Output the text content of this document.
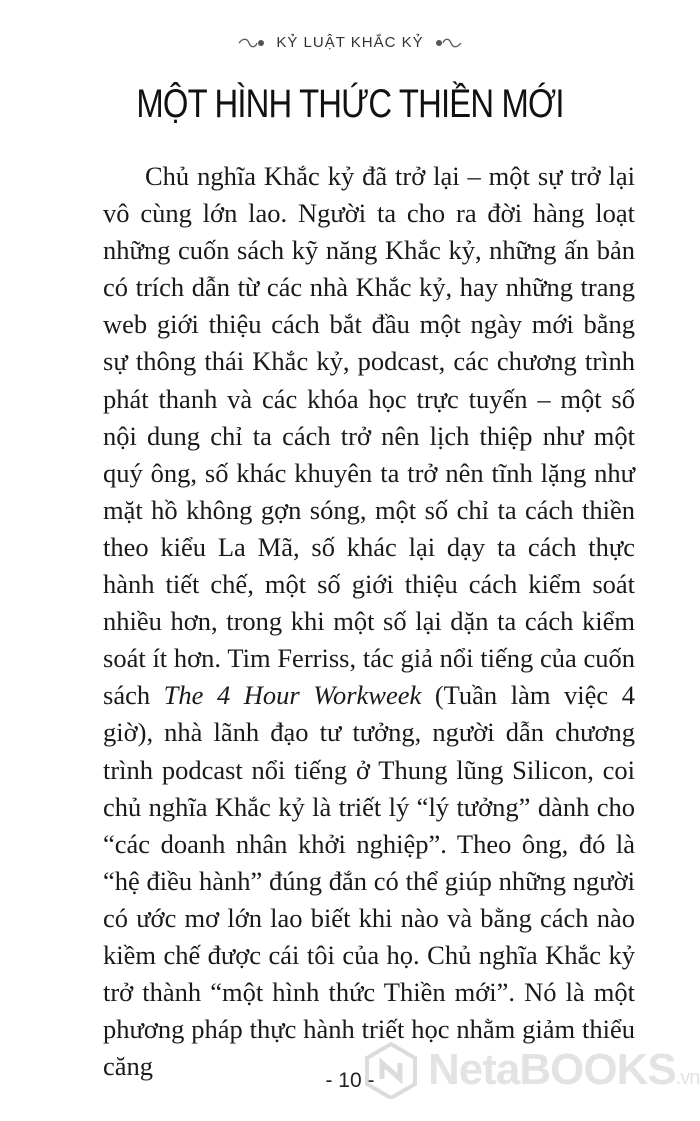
KỶ LUẬT KHẮC KỶ
MỘT HÌNH THỨC THIỀN MỚI
Chủ nghĩa Khắc kỷ đã trở lại – một sự trở lại vô cùng lớn lao. Người ta cho ra đời hàng loạt những cuốn sách kỹ năng Khắc kỷ, những ấn bản có trích dẫn từ các nhà Khắc kỷ, hay những trang web giới thiệu cách bắt đầu một ngày mới bằng sự thông thái Khắc kỷ, podcast, các chương trình phát thanh và các khóa học trực tuyến – một số nội dung chỉ ta cách trở nên lịch thiệp như một quý ông, số khác khuyên ta trở nên tĩnh lặng như mặt hồ không gợn sóng, một số chỉ ta cách thiền theo kiểu La Mã, số khác lại dạy ta cách thực hành tiết chế, một số giới thiệu cách kiểm soát nhiều hơn, trong khi một số lại dặn ta cách kiểm soát ít hơn. Tim Ferriss, tác giả nổi tiếng của cuốn sách The 4 Hour Workweek (Tuần làm việc 4 giờ), nhà lãnh đạo tư tưởng, người dẫn chương trình podcast nổi tiếng ở Thung lũng Silicon, coi chủ nghĩa Khắc kỷ là triết lý “lý tưởng” dành cho “các doanh nhân khởi nghiệp”. Theo ông, đó là “hệ điều hành” đúng đắn có thể giúp những người có ước mơ lớn lao biết khi nào và bằng cách nào kiềm chế được cái tôi của họ. Chủ nghĩa Khắc kỷ trở thành “một hình thức Thiền mới”. Nó là một phương pháp thực hành triết học nhằm giảm thiểu căng	- 10 -	NetaBOOKS.vn
